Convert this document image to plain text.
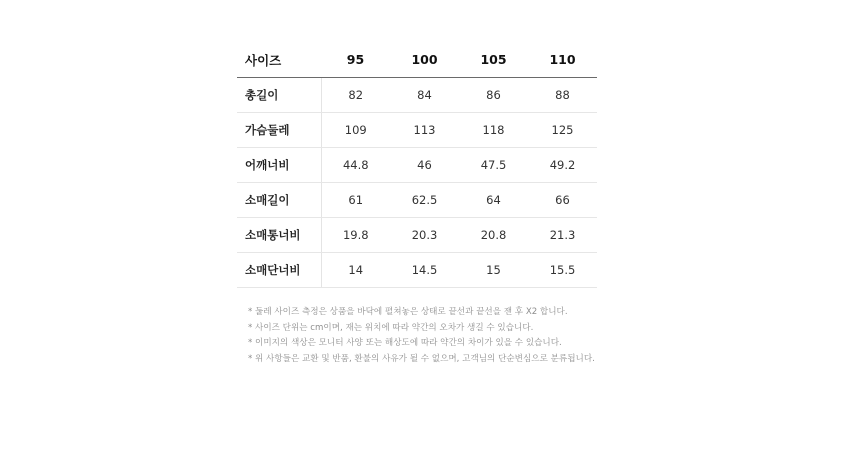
사이즈	95	100	105	110
총길이	82	84	86	88
가슴둘레	109	113	118	125
어깨너비	44.8	46	47.5	49.2
소매길이	61	62.5	64	66
소매통너비	19.8	20.3	20.8	21.3
소매단너비	14	14.5	15	15.5
* 둘레 사이즈 측정은 상품을 바닥에 펼쳐놓은 상태로 끝선과 끝선을 잰 후 X2 합니다.
* 사이즈 단위는 cm이며, 재는 위치에 따라 약간의 오차가 생길 수 있습니다.
* 이미지의 색상은 모니터 사양 또는 해상도에 따라 약간의 차이가 있을 수 있습니다.
* 위 사항들은 교환 및 반품, 환불의 사유가 될 수 없으며, 고객님의 단순변심으로 분류됩니다.
